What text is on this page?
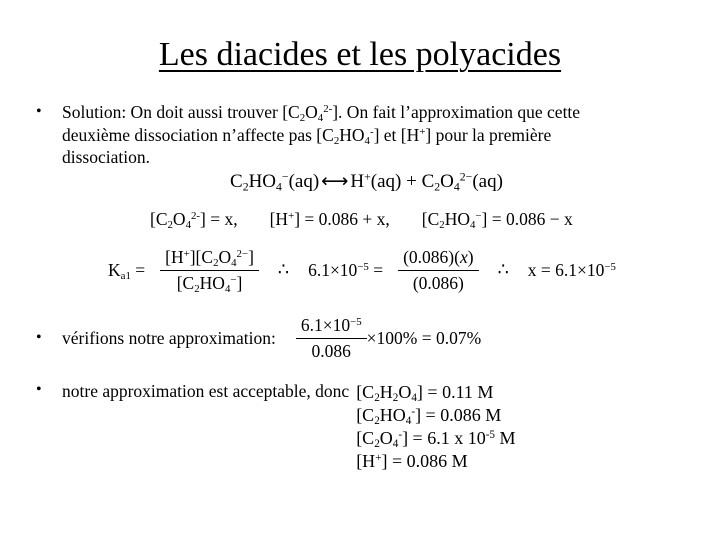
Les diacides et les polyacides
•	Solution: On doit aussi trouver $[C_2O_4^{2-}]$. On fait l’approximation que cette
deuxième dissociation n’affecte pas $[C_2HO_4^-]$ et [H+] pour la première
dissociation.
$C_2HO_4^-(aq)$ ⟷ $H^+(aq) + C_2O_4^{2-}(aq)$
$[C_2O_4^{2-}] = x$, [H+] = 0.086 + x, $[C_2HO_4^-] = 0.086 - x$
$K_{a1} = \frac{[H^+][C_2O_4^{2-}]}{[C_2HO_4^-]}$ ∴ $6.1\times 10^{-5} = \frac{(0.086)(x)}{(0.086)}$ ∴ $x = 6.1\times 10^{-5}$
•	vérifions notre approximation: $\frac{6.1\times 10^{-5}}{0.086} \times 100\% = 0.07\%$
•	notre approximation est acceptable, donc $[C_2H_2O_4] = 0.11$ M
$[C_2HO_4^-] = 0.086$ M
$[C_2O_4^-] = 6.1$ x $10^{-5}$ M
[H+] = 0.086 M
